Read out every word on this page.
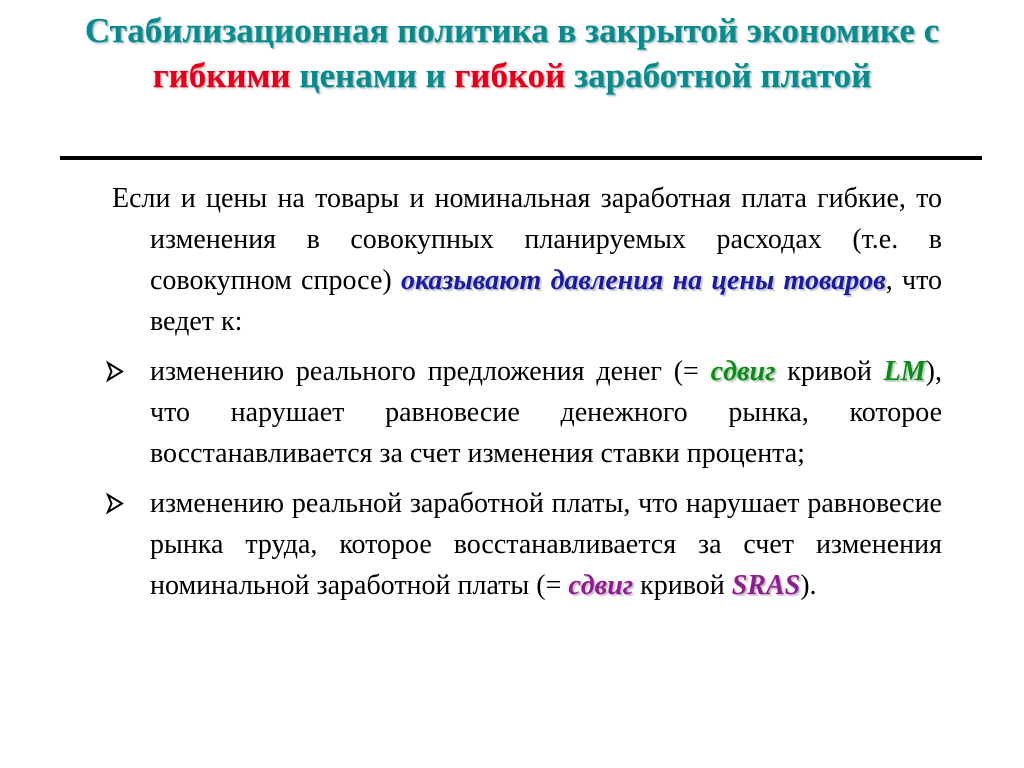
Стабилизационная политика в закрытой экономике с гибкими ценами и гибкой заработной платой

Если и цены на товары и номинальная заработная плата гибкие, то изменения в совокупных планируемых расходах (т.е. в совокупном спросе) оказывают давления на цены товаров, что ведет к:

изменению реального предложения денег (= сдвиг кривой LM), что нарушает равновесие денежного рынка, которое восстанавливается за счет изменения ставки процента;
изменению реальной заработной платы, что нарушает равновесие рынка труда, которое восстанавливается за счет изменения номинальной заработной платы (= сдвиг кривой SRAS).
